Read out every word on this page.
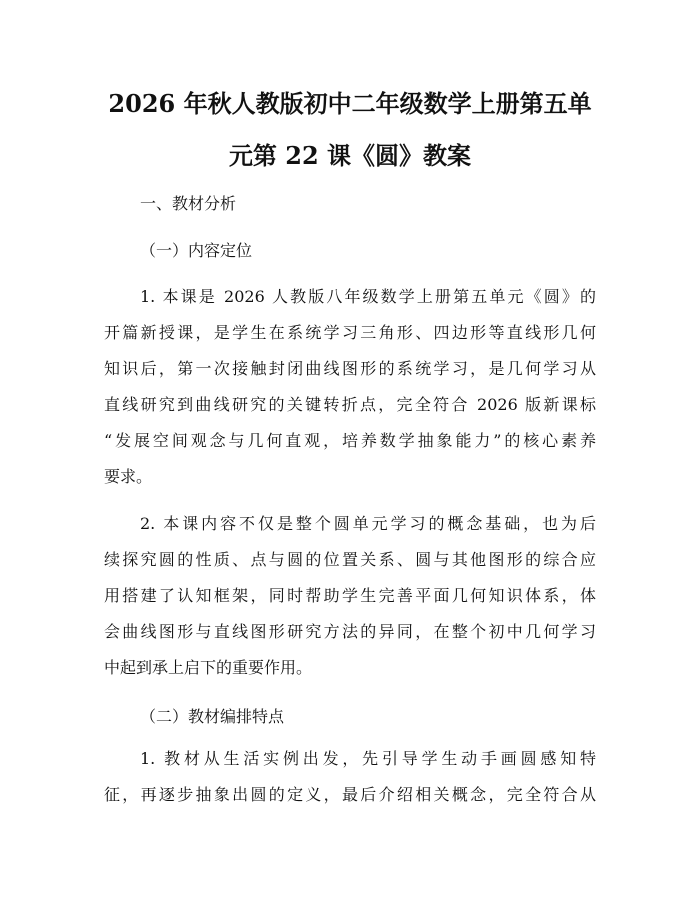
2026 年秋人教版初中二年级数学上册第五单
元第 22 课《圆》教案
一、教材分析
（一）内容定位
1. 本课是 2026 人教版八年级数学上册第五单元《圆》的
开篇新授课，是学生在系统学习三角形、四边形等直线形几何
知识后，第一次接触封闭曲线图形的系统学习，是几何学习从
直线研究到曲线研究的关键转折点，完全符合 2026 版新课标
“发展空间观念与几何直观，培养数学抽象能力”的核心素养
要求。
2. 本课内容不仅是整个圆单元学习的概念基础，也为后
续探究圆的性质、点与圆的位置关系、圆与其他图形的综合应
用搭建了认知框架，同时帮助学生完善平面几何知识体系，体
会曲线图形与直线图形研究方法的异同，在整个初中几何学习
中起到承上启下的重要作用。
（二）教材编排特点
1. 教材从生活实例出发，先引导学生动手画圆感知特
征，再逐步抽象出圆的定义，最后介绍相关概念，完全符合从
